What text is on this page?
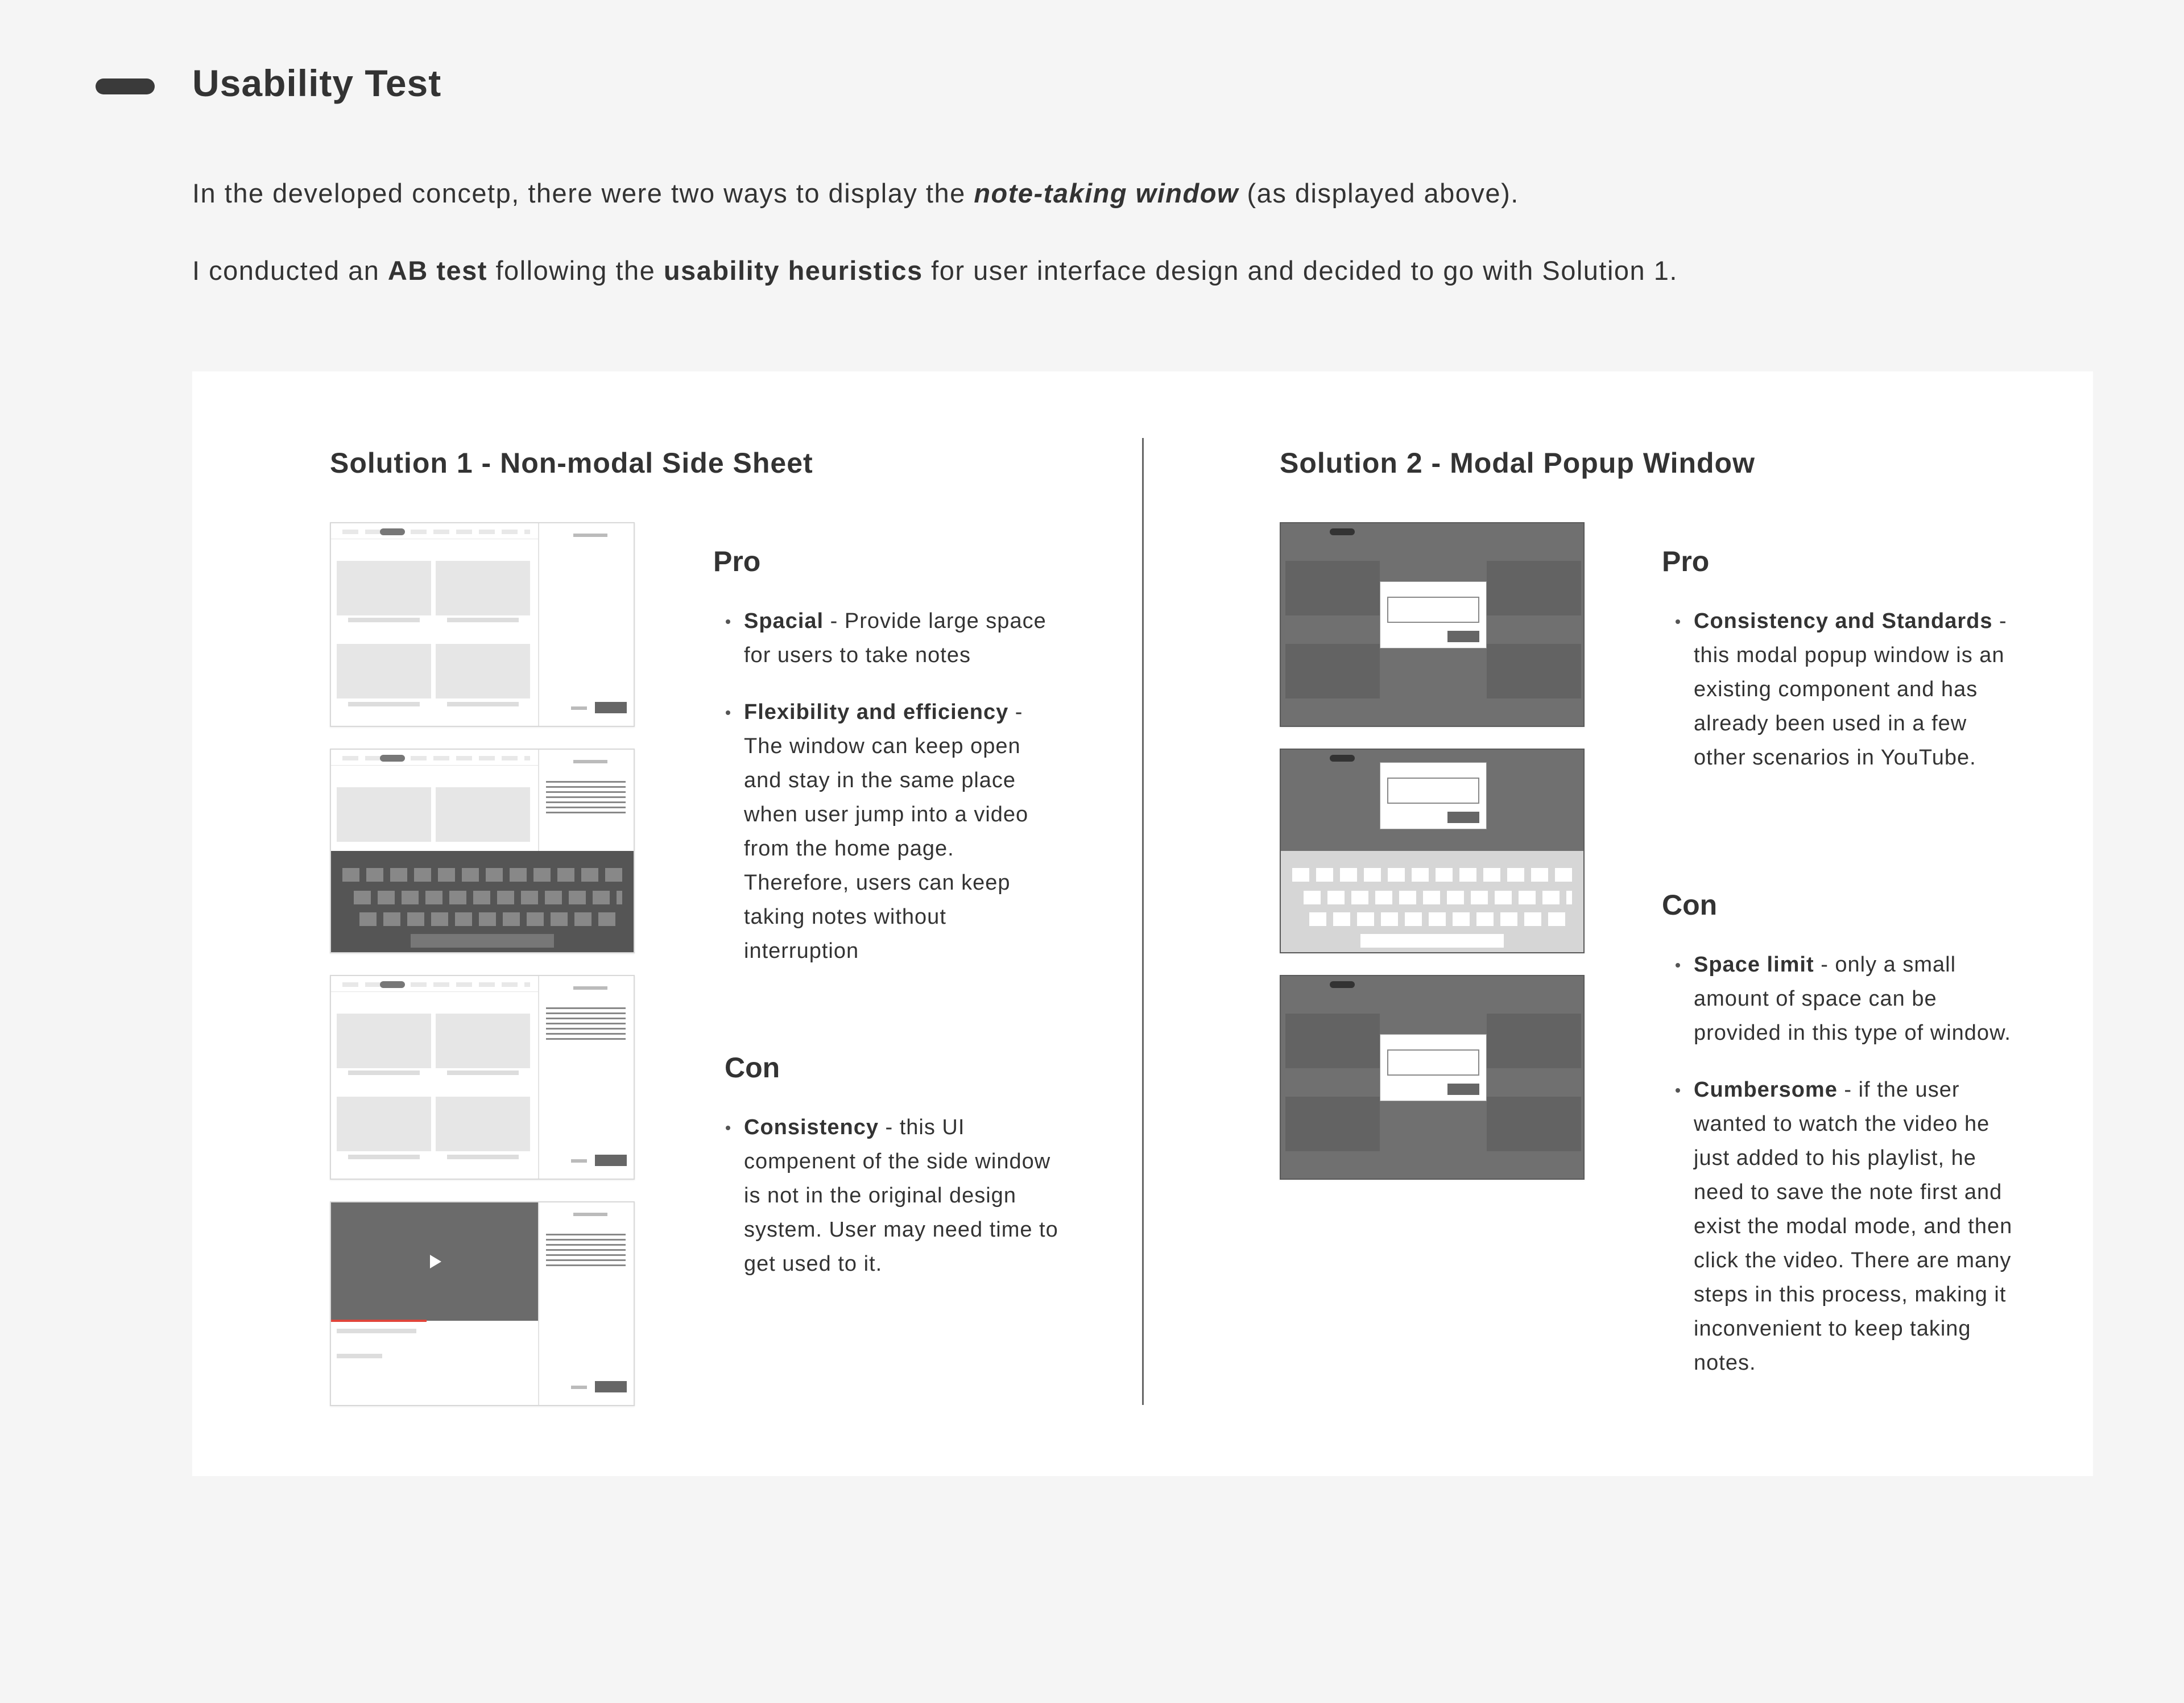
Usability Test

In the developed concetp, there were two ways to display the note-taking window (as displayed above).

I conducted an AB test following the usability heuristics for user interface design and decided to go with Solution 1.

Solution 1 - Non-modal Side Sheet
Pro
Spacial - Provide large space for users to take notes
Flexibility and efficiency - The window can keep open and stay in the same place when user jump into a video from the home page. Therefore, users can keep taking notes without interruption
Con
Consistency - this UI compenent of the side window is not in the original design system. User may need time to get used to it.
Solution 2 - Modal Popup Window
Pro
Consistency and Standards - this modal popup window is an existing component and has already been used in a few other scenarios in YouTube.
Con
Space limit - only a small amount of space can be provided in this type of window.
Cumbersome - if the user wanted to watch the video he just added to his playlist, he need to save the note first and exist the modal mode, and then click the video. There are many steps in this process, making it inconvenient to keep taking notes.
